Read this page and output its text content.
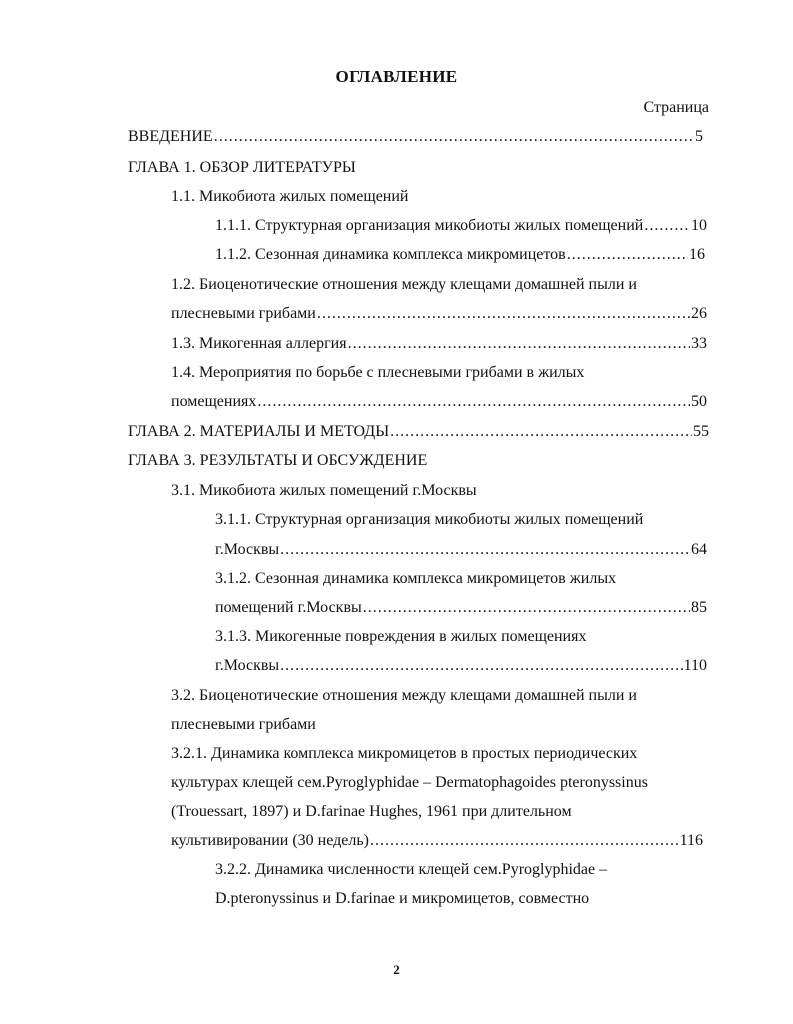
ОГЛАВЛЕНИЕ
Страница
ВВЕДЕНИЕ .....	5
ГЛАВА 1. ОБЗОР ЛИТЕРАТУРЫ
1.1. Микобиота жилых помещений
1.1.1. Структурная организация микобиоты жилых помещений .....	10
1.1.2. Сезонная динамика комплекса микромицетов .....	16
1.2. Биоценотические отношения между клещами домашней пыли и
плесневыми грибами .....	26
1.3. Микогенная аллергия .....	33
1.4. Мероприятия по борьбе с плесневыми грибами в жилых
помещениях .....	50
ГЛАВА 2. МАТЕРИАЛЫ И МЕТОДЫ .....	55
ГЛАВА 3. РЕЗУЛЬТАТЫ И ОБСУЖДЕНИЕ
3.1. Микобиота жилых помещений г.Москвы
3.1.1. Структурная организация микобиоты жилых помещений
г.Москвы .....	64
3.1.2. Сезонная динамика комплекса микромицетов жилых
помещений г.Москвы .....	85
3.1.3. Микогенные повреждения в жилых помещениях
г.Москвы .....	110
3.2. Биоценотические отношения между клещами домашней пыли и
плесневыми грибами
3.2.1. Динамика комплекса микромицетов в простых периодических
культурах клещей сем.Pyroglyphidae – Dermatophagoides pteronyssinus
(Trouessart, 1897) и D.farinae Hughes, 1961 при длительном
культивировании (30 недель) .....	116
3.2.2. Динамика численности клещей сем.Pyroglyphidae –
D.pteronyssinus и D.farinae и микромицетов, совместно
2
